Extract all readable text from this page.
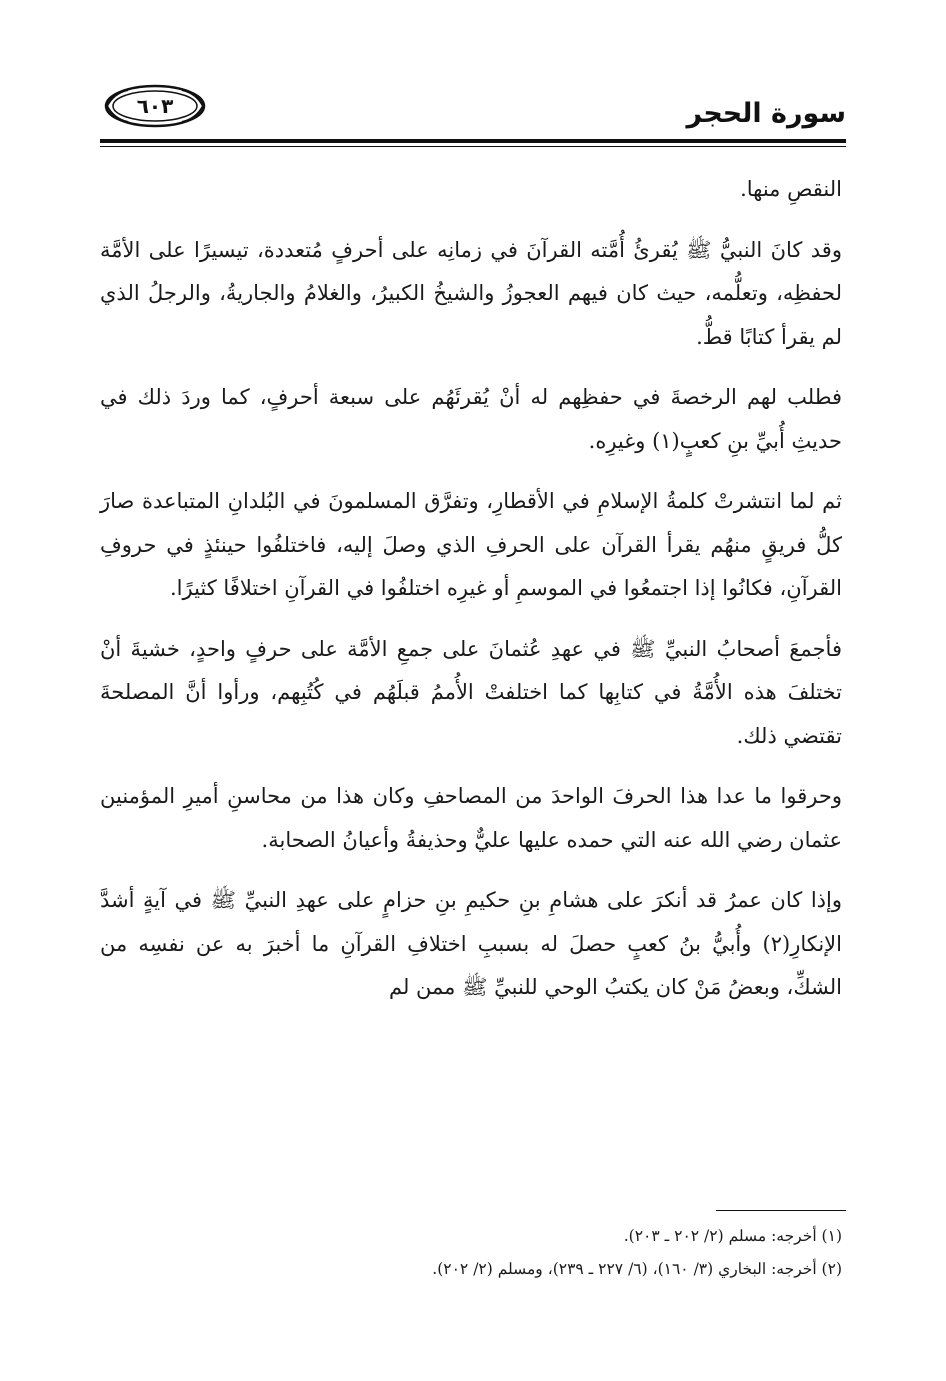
سورة الحجر
٦٠٣

النقصِ منها.

وقد كانَ النبيُّ ﷺ يُقرئُ أُمَّته القرآنَ في زمانِه على أحرفٍ مُتعددة، تيسيرًا على الأمَّة لحفظِه، وتعلُّمه، حيث كان فيهم العجوزُ والشيخُ الكبيرُ، والغلامُ والجاريةُ، والرجلُ الذي لم يقرأ كتابًا قطُّ.

فطلب لهم الرخصةَ في حفظِهم له أنْ يُقرئَهُم على سبعة أحرفٍ، كما وردَ ذلك في حديثِ أُبيِّ بنِ كعبٍ(١) وغيرِه.

ثم لما انتشرتْ كلمةُ الإسلامِ في الأقطارِ، وتفرَّق المسلمونَ في البُلدانِ المتباعدة صارَ كلُّ فريقٍ منهُم يقرأ القرآن على الحرفِ الذي وصلَ إليه، فاختلفُوا حينئذٍ في حروفِ القرآنِ، فكانُوا إذا اجتمعُوا في الموسمِ أو غيرِه اختلفُوا في القرآنِ اختلافًا كثيرًا.

فأجمعَ أصحابُ النبيِّ ﷺ في عهدِ عُثمانَ على جمعِ الأمَّة على حرفٍ واحدٍ، خشيةَ أنْ تختلفَ هذه الأُمَّةُ في كتابِها كما اختلفتْ الأُممُ قبلَهُم في كُتُبِهم، ورأوا أنَّ المصلحةَ تقتضي ذلك.

وحرقوا ما عدا هذا الحرفَ الواحدَ من المصاحفِ وكان هذا من محاسنِ أميرِ المؤمنين عثمان رضي الله عنه التي حمده عليها عليٌّ وحذيفةُ وأعيانُ الصحابة.

وإذا كان عمرُ قد أنكرَ على هشامِ بنِ حكيمِ بنِ حزامٍ على عهدِ النبيِّ ﷺ في آيةٍ أشدَّ الإنكارِ(٢) وأُبيُّ بنُ كعبٍ حصلَ له بسببِ اختلافِ القرآنِ ما أخبرَ به عن نفسِه من الشكِّ، وبعضُ مَنْ كان يكتبُ الوحي للنبيِّ ﷺ ممن لم

(١) أخرجه: مسلم (٢/ ٢٠٢ ـ ٢٠٣).

(٢) أخرجه: البخاري (٣/ ١٦٠)، (٦/ ٢٢٧ ـ ٢٣٩)، ومسلم (٢/ ٢٠٢).
